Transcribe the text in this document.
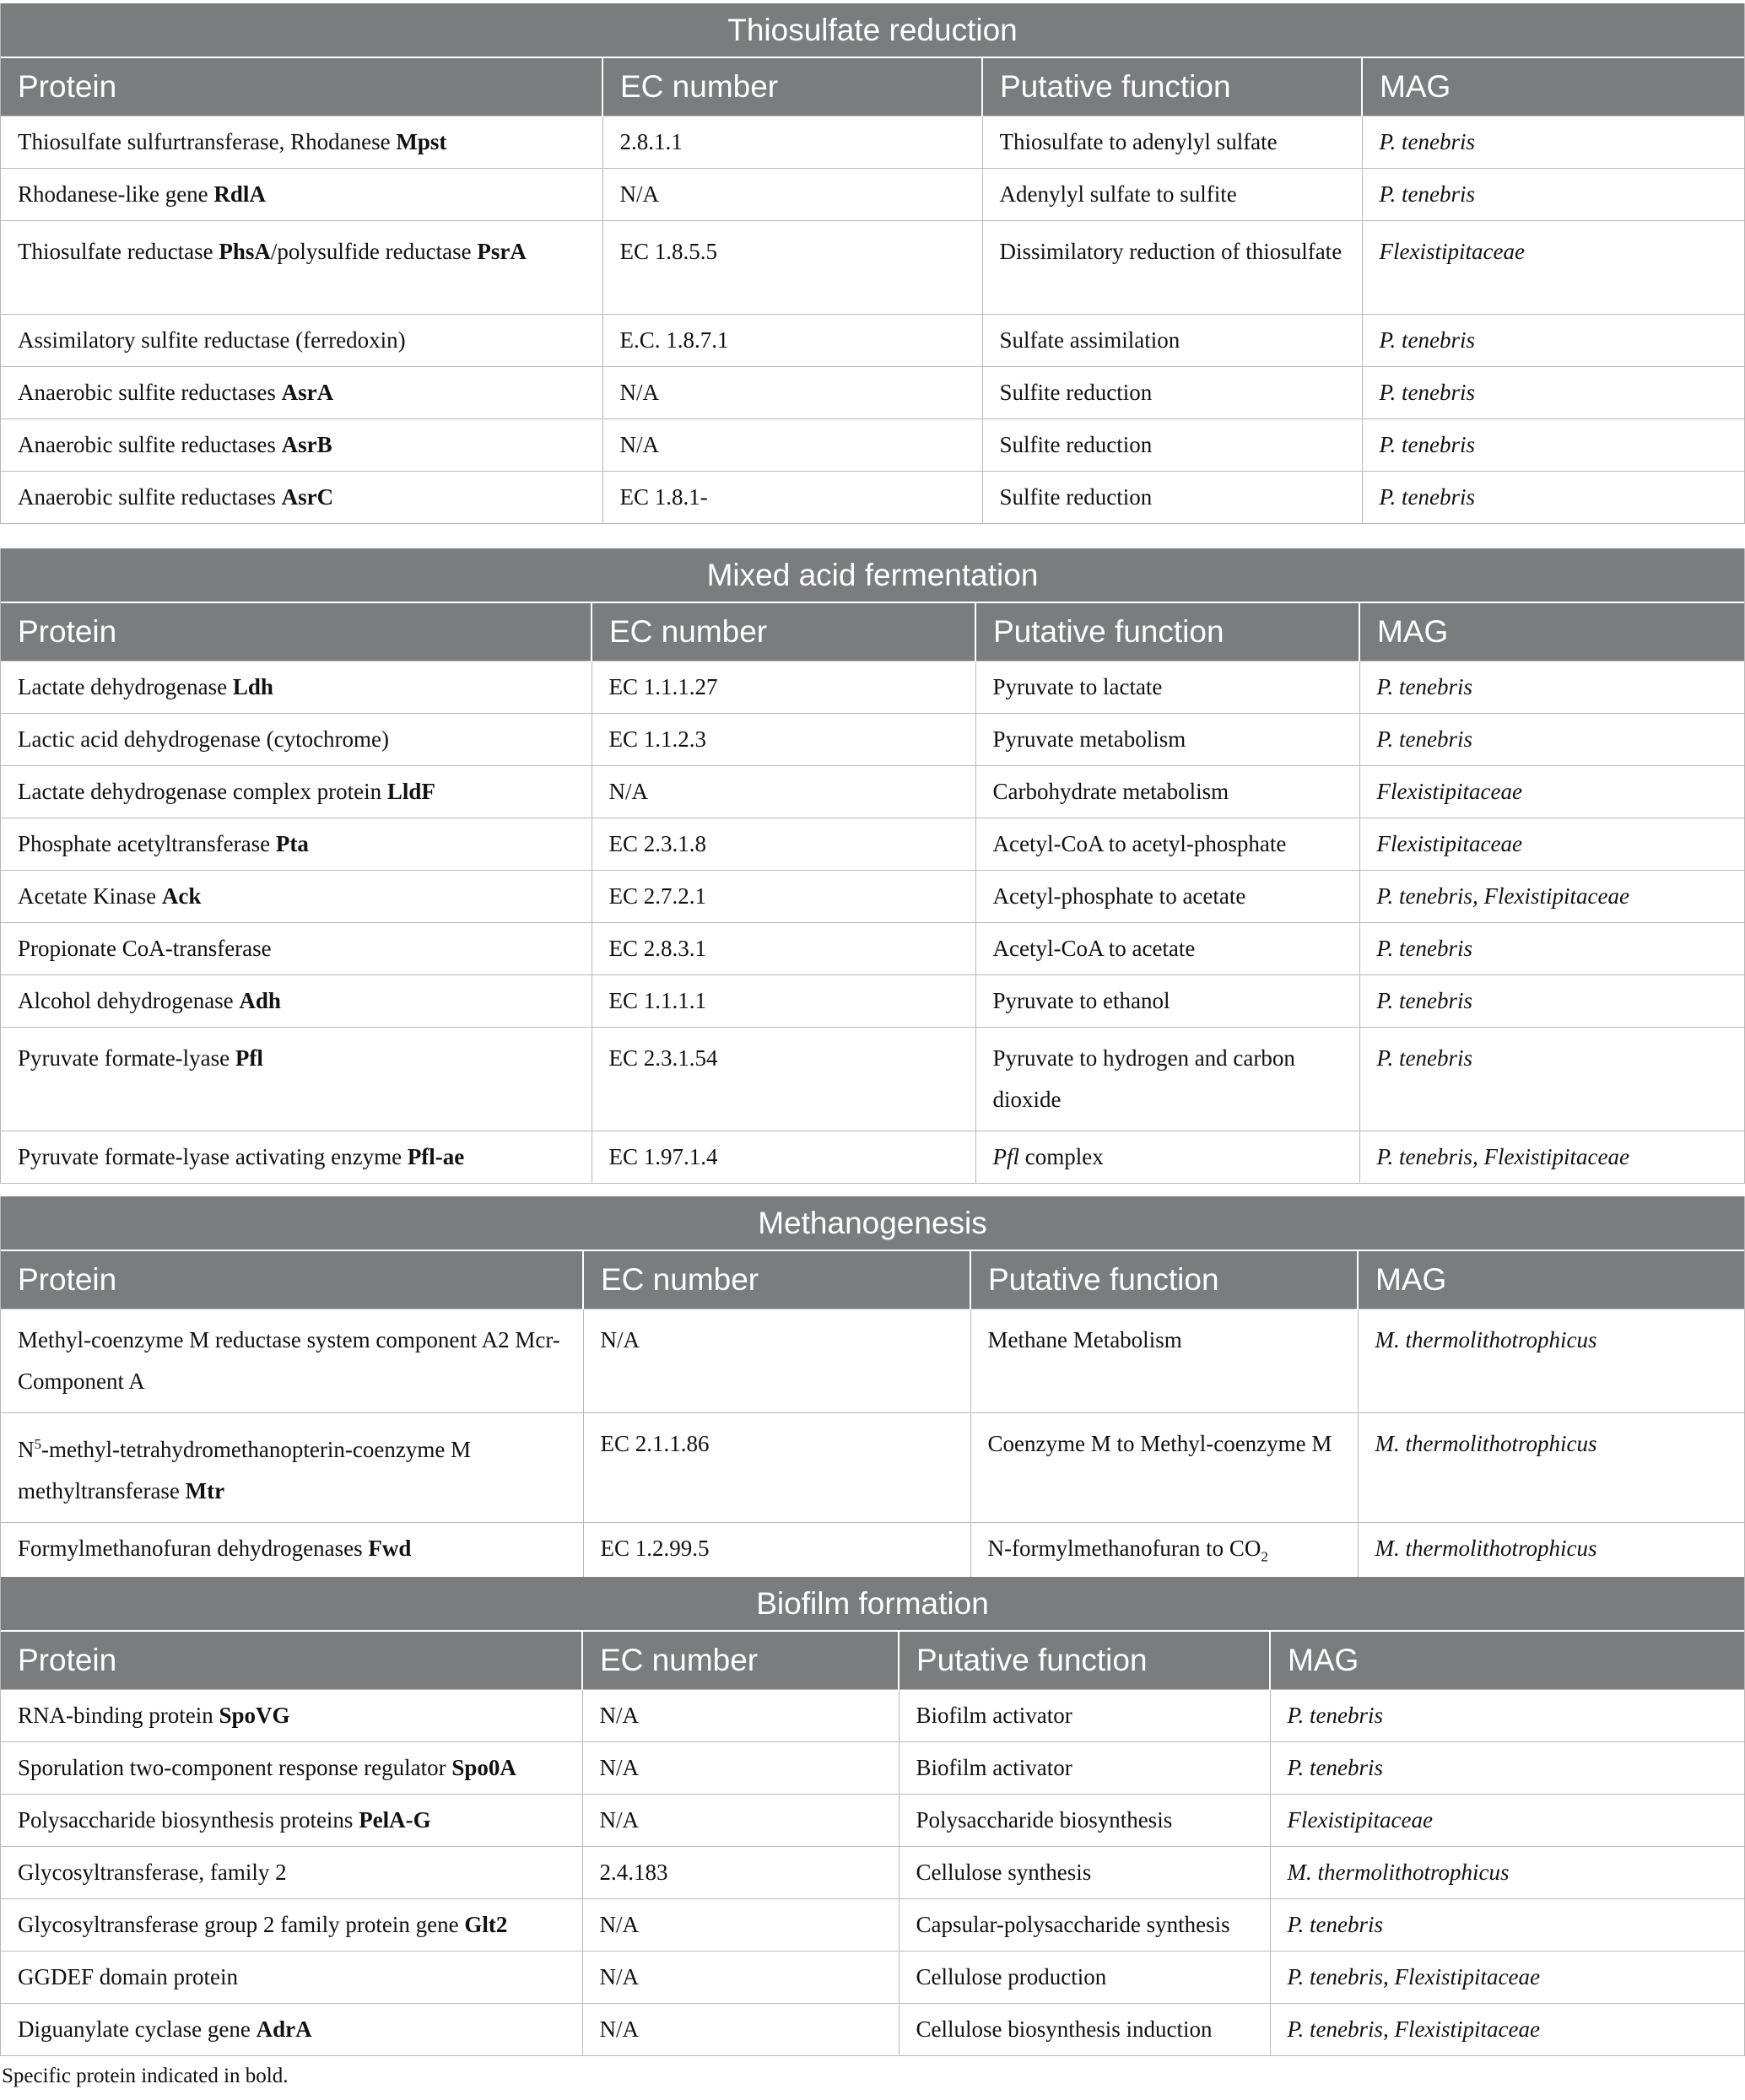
Thiosulfate reduction
Protein	EC number	Putative function	MAG
Thiosulfate sulfurtransferase, Rhodanese Mpst	2.8.1.1	Thiosulfate to adenylyl sulfate	P. tenebris
Rhodanese-like gene RdlA	N/A	Adenylyl sulfate to sulfite	P. tenebris
Thiosulfate reductase PhsA/polysulfide reductase PsrA	EC 1.8.5.5	Dissimilatory reduction of thiosulfate	Flexistipitaceae
Assimilatory sulfite reductase (ferredoxin)	E.C. 1.8.7.1	Sulfate assimilation	P. tenebris
Anaerobic sulfite reductases AsrA	N/A	Sulfite reduction	P. tenebris
Anaerobic sulfite reductases AsrB	N/A	Sulfite reduction	P. tenebris
Anaerobic sulfite reductases AsrC	EC 1.8.1-	Sulfite reduction	P. tenebris
Mixed acid fermentation
Protein	EC number	Putative function	MAG
Lactate dehydrogenase Ldh	EC 1.1.1.27	Pyruvate to lactate	P. tenebris
Lactic acid dehydrogenase (cytochrome)	EC 1.1.2.3	Pyruvate metabolism	P. tenebris
Lactate dehydrogenase complex protein LldF	N/A	Carbohydrate metabolism	Flexistipitaceae
Phosphate acetyltransferase Pta	EC 2.3.1.8	Acetyl-CoA to acetyl-phosphate	Flexistipitaceae
Acetate Kinase Ack	EC 2.7.2.1	Acetyl-phosphate to acetate	P. tenebris, Flexistipitaceae
Propionate CoA-transferase	EC 2.8.3.1	Acetyl-CoA to acetate	P. tenebris
Alcohol dehydrogenase Adh	EC 1.1.1.1	Pyruvate to ethanol	P. tenebris
Pyruvate formate-lyase Pfl	EC 2.3.1.54	Pyruvate to hydrogen and carbon dioxide	P. tenebris
Pyruvate formate-lyase activating enzyme Pfl-ae	EC 1.97.1.4	Pfl complex	P. tenebris, Flexistipitaceae
Methanogenesis
Protein	EC number	Putative function	MAG
Methyl-coenzyme M reductase system component A2 Mcr-Component A	N/A	Methane Metabolism	M. thermolithotrophicus
$N^5-methyl-tetrahydromethanopterin$-coenzyme M methyltransferase Mtr	EC 2.1.1.86	Coenzyme M to Methyl-coenzyme M	M. thermolithotrophicus
Formylmethanofuran dehydrogenases Fwd	EC 1.2.99.5	N-formylmethanofuran to $CO_2$	M. thermolithotrophicus
Biofilm formation
Protein	EC number	Putative function	MAG
RNA-binding protein SpoVG	N/A	Biofilm activator	P. tenebris
Sporulation two-component response regulator Spo0A	N/A	Biofilm activator	P. tenebris
Polysaccharide biosynthesis proteins PelA-G	N/A	Polysaccharide biosynthesis	Flexistipitaceae
Glycosyltransferase, family 2	2.4.183	Cellulose synthesis	M. thermolithotrophicus
Glycosyltransferase group 2 family protein gene Glt2	N/A	Capsular-polysaccharide synthesis	P. tenebris
GGDEF domain protein	N/A	Cellulose production	P. tenebris, Flexistipitaceae
Diguanylate cyclase gene AdrA	N/A	Cellulose biosynthesis induction	P. tenebris, Flexistipitaceae
Specific protein indicated in bold.
